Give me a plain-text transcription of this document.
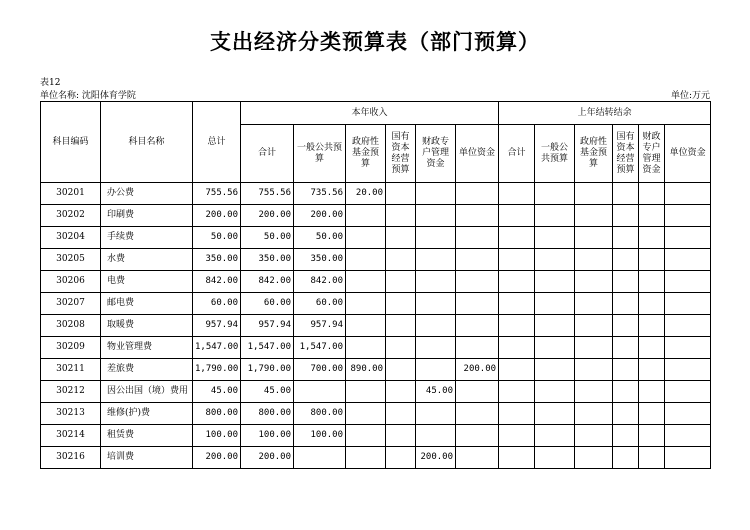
支出经济分类预算表（部门预算）
表12
单位名称: 沈阳体育学院	单位:万元
科目编码	科目名称	总计	本年收入						上年结转结余					
			合计	一般公共预算	政府性基金预算	国有资本经营预算	财政专户管理资金	单位资金	合计	一般公共预算	政府性基金预算	国有资本经营预算	财政专户管理资金	单位资金
30201	办公费	755.56	755.56	735.56	20.00									
30202	印刷费	200.00	200.00	200.00										
30204	手续费	50.00	50.00	50.00										
30205	水费	350.00	350.00	350.00										
30206	电费	842.00	842.00	842.00										
30207	邮电费	60.00	60.00	60.00										
30208	取暖费	957.94	957.94	957.94										
30209	物业管理费	1,547.00	1,547.00	1,547.00										
30211	差旅费	1,790.00	1,790.00	700.00	890.00			200.00						
30212	因公出国（境）费用	45.00	45.00				45.00							
30213	维修(护)费	800.00	800.00	800.00										
30214	租赁费	100.00	100.00	100.00										
30216	培训费	200.00	200.00				200.00							
